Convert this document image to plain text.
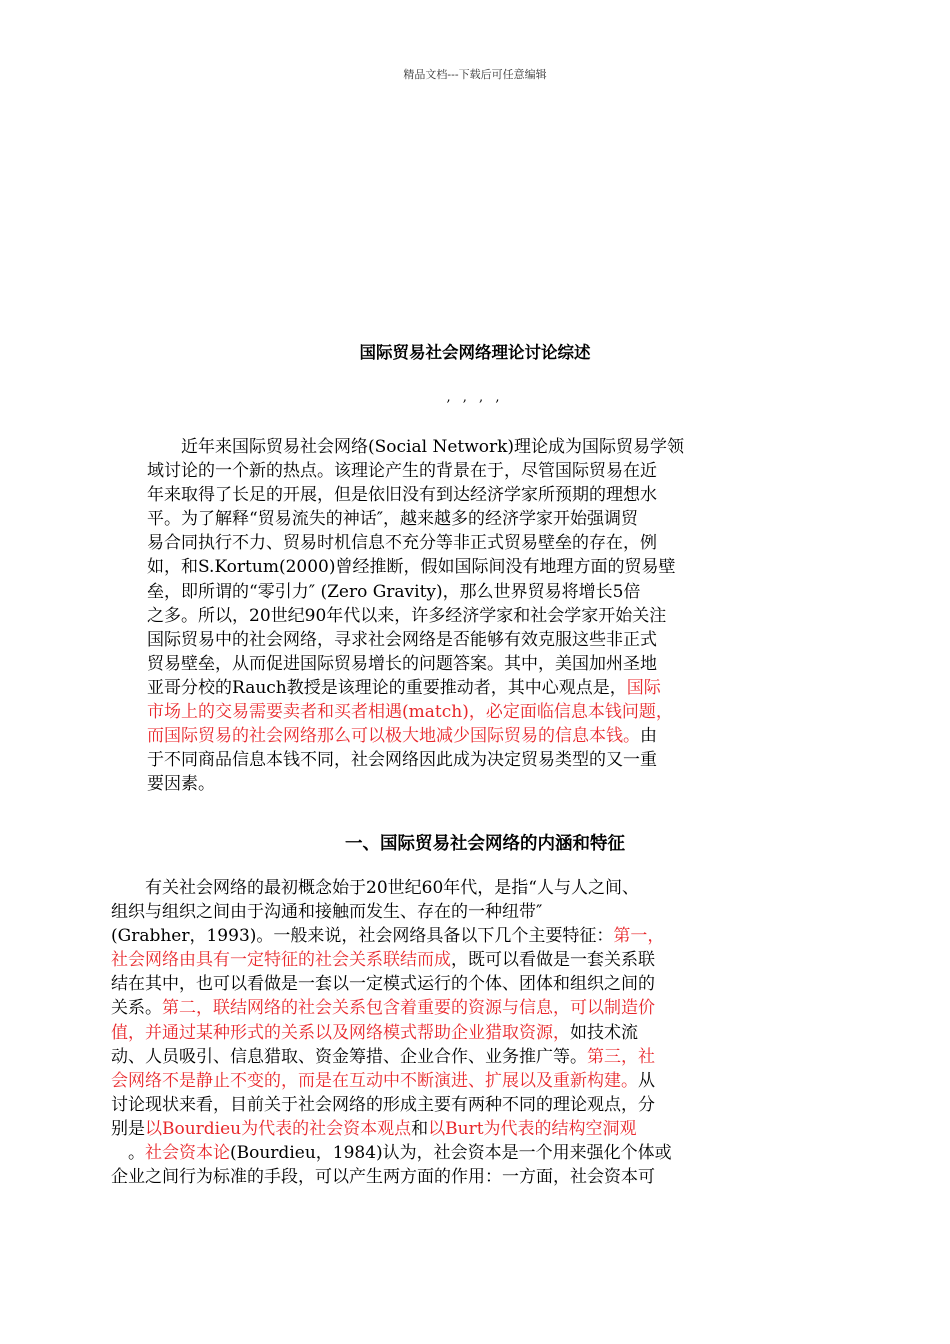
精品文档---下载后可任意编辑
国际贸易社会网络理论讨论综述
, , , ,
　　近年来国际贸易社会网络(Social Network)理论成为国际贸易学领
域讨论的一个新的热点。该理论产生的背景在于，尽管国际贸易在近
年来取得了长足的开展，但是依旧没有到达经济学家所预期的理想水
平。为了解释“贸易流失的神话″，越来越多的经济学家开始强调贸
易合同执行不力、贸易时机信息不充分等非正式贸易壁垒的存在，例
如，和S.Kortum(2000)曾经推断，假如国际间没有地理方面的贸易壁
垒，即所谓的“零引力″ (Zero Gravity)，那么世界贸易将增长5倍
之多。所以，20世纪90年代以来，许多经济学家和社会学家开始关注
国际贸易中的社会网络，寻求社会网络是否能够有效克服这些非正式
贸易壁垒，从而促进国际贸易增长的问题答案。其中，美国加州圣地
亚哥分校的Rauch教授是该理论的重要推动者，其中心观点是，国际
市场上的交易需要卖者和买者相遇(match)，必定面临信息本钱问题，
而国际贸易的社会网络那么可以极大地减少国际贸易的信息本钱。由
于不同商品信息本钱不同，社会网络因此成为决定贸易类型的又一重
要因素。
一、国际贸易社会网络的内涵和特征
　　有关社会网络的最初概念始于20世纪60年代，是指“人与人之间、
组织与组织之间由于沟通和接触而发生、存在的一种纽带″
(Grabher，1993)。一般来说，社会网络具备以下几个主要特征：第一，
社会网络由具有一定特征的社会关系联结而成，既可以看做是一套关系联
结在其中，也可以看做是一套以一定模式运行的个体、团体和组织之间的
关系。第二，联结网络的社会关系包含着重要的资源与信息，可以制造价
值，并通过某种形式的关系以及网络模式帮助企业猎取资源，如技术流
动、人员吸引、信息猎取、资金筹措、企业合作、业务推广等。第三，社
会网络不是静止不变的，而是在互动中不断演进、扩展以及重新构建。从
讨论现状来看，目前关于社会网络的形成主要有两种不同的理论观点，分
别是以Bourdieu为代表的社会资本观点和以Burt为代表的结构空洞观
　。社会资本论(Bourdieu，1984)认为，社会资本是一个用来强化个体或
企业之间行为标准的手段，可以产生两方面的作用：一方面，社会资本可
